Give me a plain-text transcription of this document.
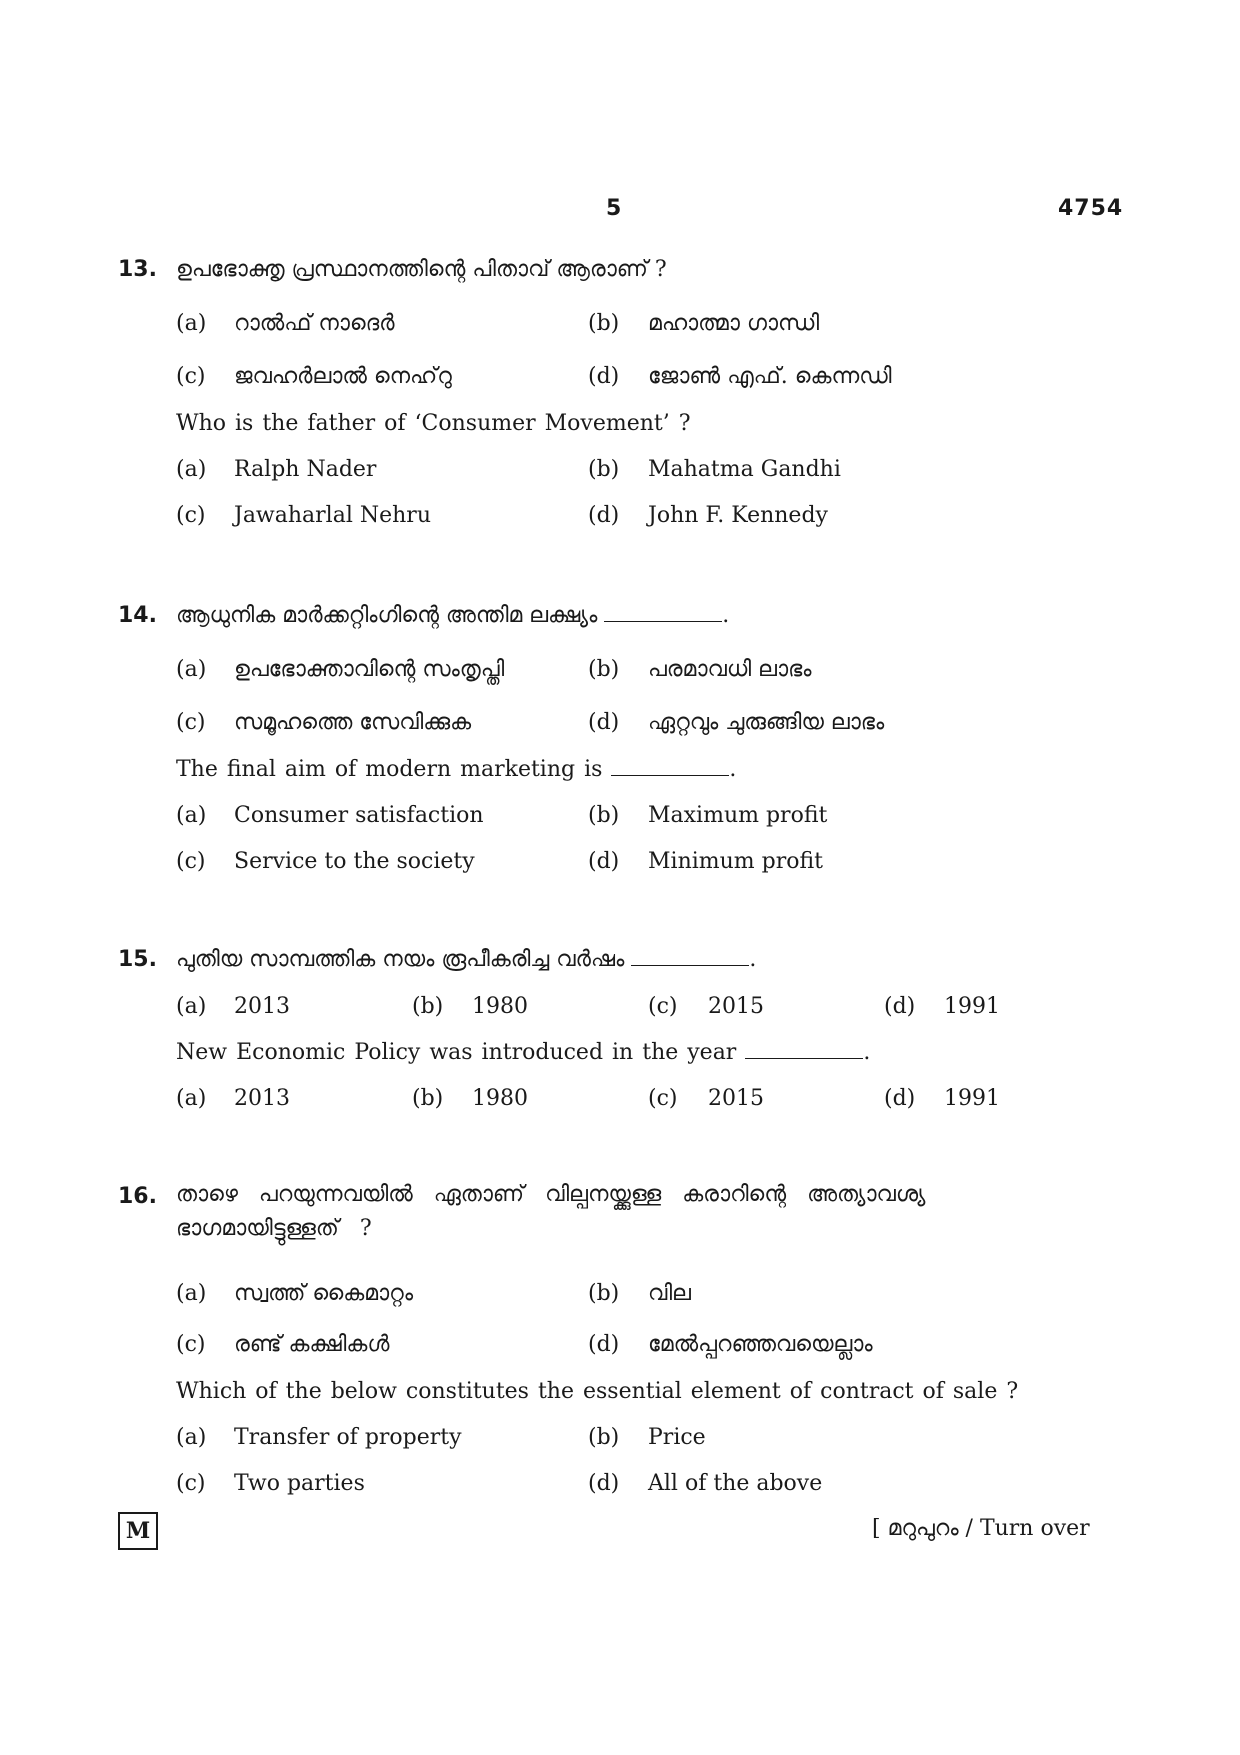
5	4754
13. ഉപഭോക്തൃ പ്രസ്ഥാനത്തിന്റെ പിതാവ് ആരാണ് ?
(a) റാൽഫ് നാദെർ	(b) മഹാത്മാ ഗാന്ധി
(c) ജവഹർലാൽ നെഹ്‌റു	(d) ജോൺ എഫ്. കെന്നഡി
Who is the father of ‘Consumer Movement’ ?
(a) Ralph Nader	(b) Mahatma Gandhi
(c) Jawaharlal Nehru	(d) John F. Kennedy
14. ആധുനിക മാർക്കറ്റിംഗിന്റെ അന്തിമ ലക്ഷ്യം	.
(a) ഉപഭോക്താവിന്റെ സംതൃപ്തി	(b) പരമാവധി ലാഭം
(c) സമൂഹത്തെ സേവിക്കുക	(d) ഏറ്റവും ചുരുങ്ങിയ ലാഭം
The final aim of modern marketing is	.
(a) Consumer satisfaction	(b) Maximum profit
(c) Service to the society	(d) Minimum profit
15. പുതിയ സാമ്പത്തിക നയം രൂപീകരിച്ച വർഷം	.
(a) 2013	(b) 1980	(c) 2015	(d) 1991
New Economic Policy was introduced in the year	.
(a) 2013	(b) 1980	(c) 2015	(d) 1991
16. താഴെ പറയുന്നവയിൽ ഏതാണ് വില്പനയ്ക്കുള്ള കരാറിന്റെ അത്യാവശ്യ ഭാഗമായിട്ടുള്ളത് ?
(a) സ്വത്ത് കൈമാറ്റം	(b) വില
(c) രണ്ട് കക്ഷികൾ	(d) മേൽപ്പറഞ്ഞവയെല്ലാം
Which of the below constitutes the essential element of contract of sale ?
(a) Transfer of property	(b) Price
(c) Two parties	(d) All of the above
M	[ മറുപുറം / Turn over
